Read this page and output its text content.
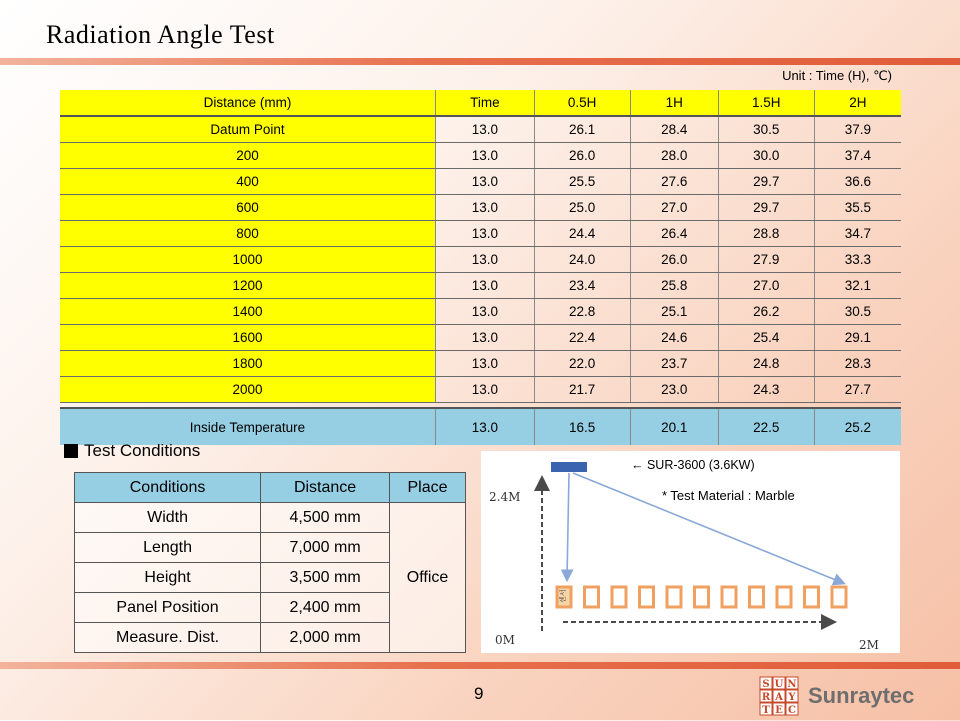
Radiation Angle Test
Unit : Time (H), ℃)
Distance (mm)	Time	0.5H	1H	1.5H	2H
Datum Point	13.0	26.1	28.4	30.5	37.9
200	13.0	26.0	28.0	30.0	37.4
400	13.0	25.5	27.6	29.7	36.6
600	13.0	25.0	27.0	29.7	35.5
800	13.0	24.4	26.4	28.8	34.7
1000	13.0	24.0	26.0	27.9	33.3
1200	13.0	23.4	25.8	27.0	32.1
1400	13.0	22.8	25.1	26.2	30.5
1600	13.0	22.4	24.6	25.4	29.1
1800	13.0	22.0	23.7	24.8	28.3
2000	13.0	21.7	23.0	24.3	27.7

Inside Temperature	13.0	16.5	20.1	22.5	25.2
Test Conditions
Conditions	Distance	Place
Width	4,500 mm	Office
Length	7,000 mm	
Height	3,500 mm	
Panel Position	2,400 mm	
Measure. Dist.	2,000 mm	
센서
2.4M
0M	2M
← SUR-3600 (3.6KW)
* Test Material : Marble
9	S U N
R A Y
T E C
Sunraytec
